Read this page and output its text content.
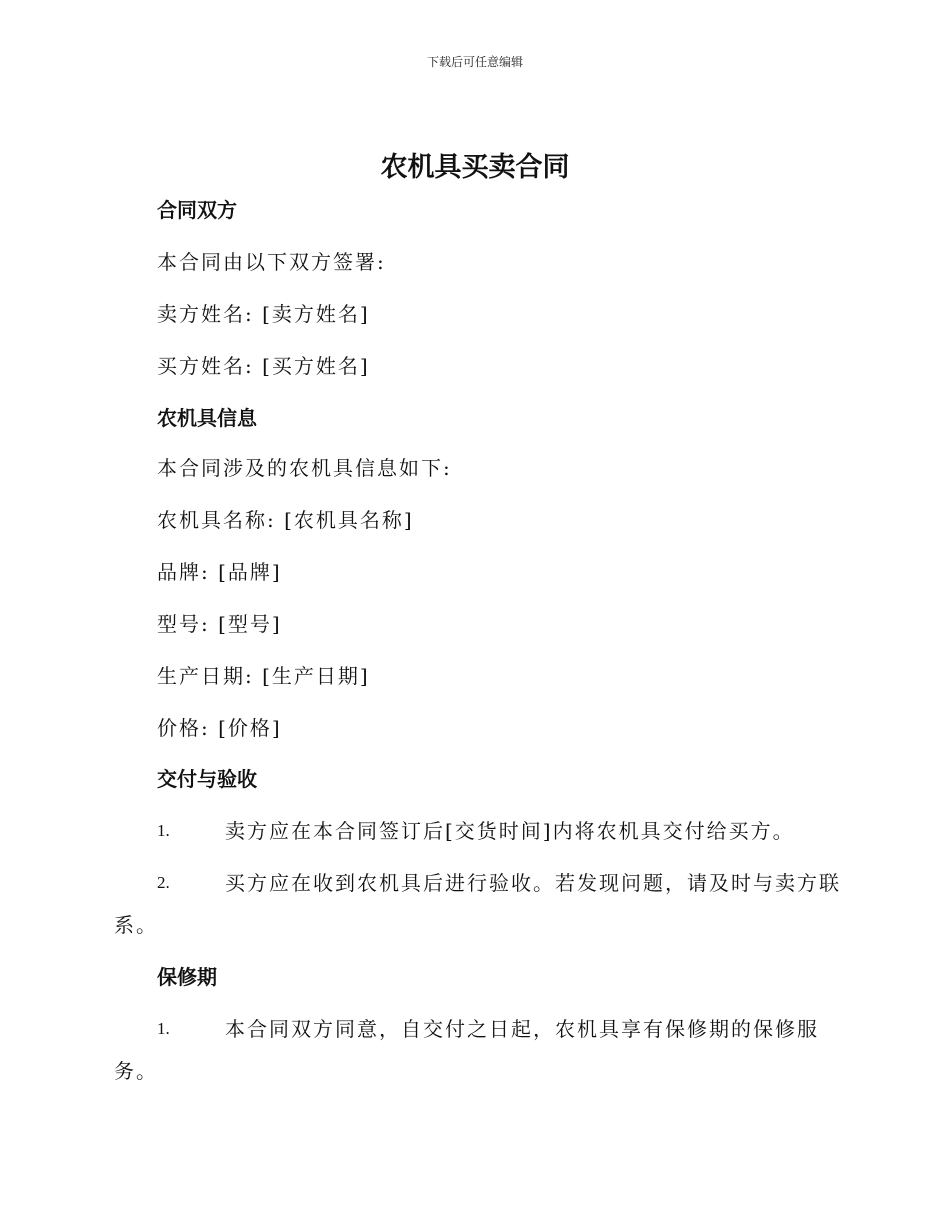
下载后可任意编辑
农机具买卖合同
合同双方
本合同由以下双方签署:
卖方姓名: [卖方姓名]
买方姓名: [买方姓名]
农机具信息
本合同涉及的农机具信息如下:
农机具名称: [农机具名称]
品牌: [品牌]
型号: [型号]
生产日期: [生产日期]
价格: [价格]
交付与验收
1.	卖方应在本合同签订后[交货时间]内将农机具交付给买方。
2.	买方应在收到农机具后进行验收。若发现问题，请及时与卖方联
系。
保修期
1.	本合同双方同意，自交付之日起，农机具享有保修期的保修服
务。
